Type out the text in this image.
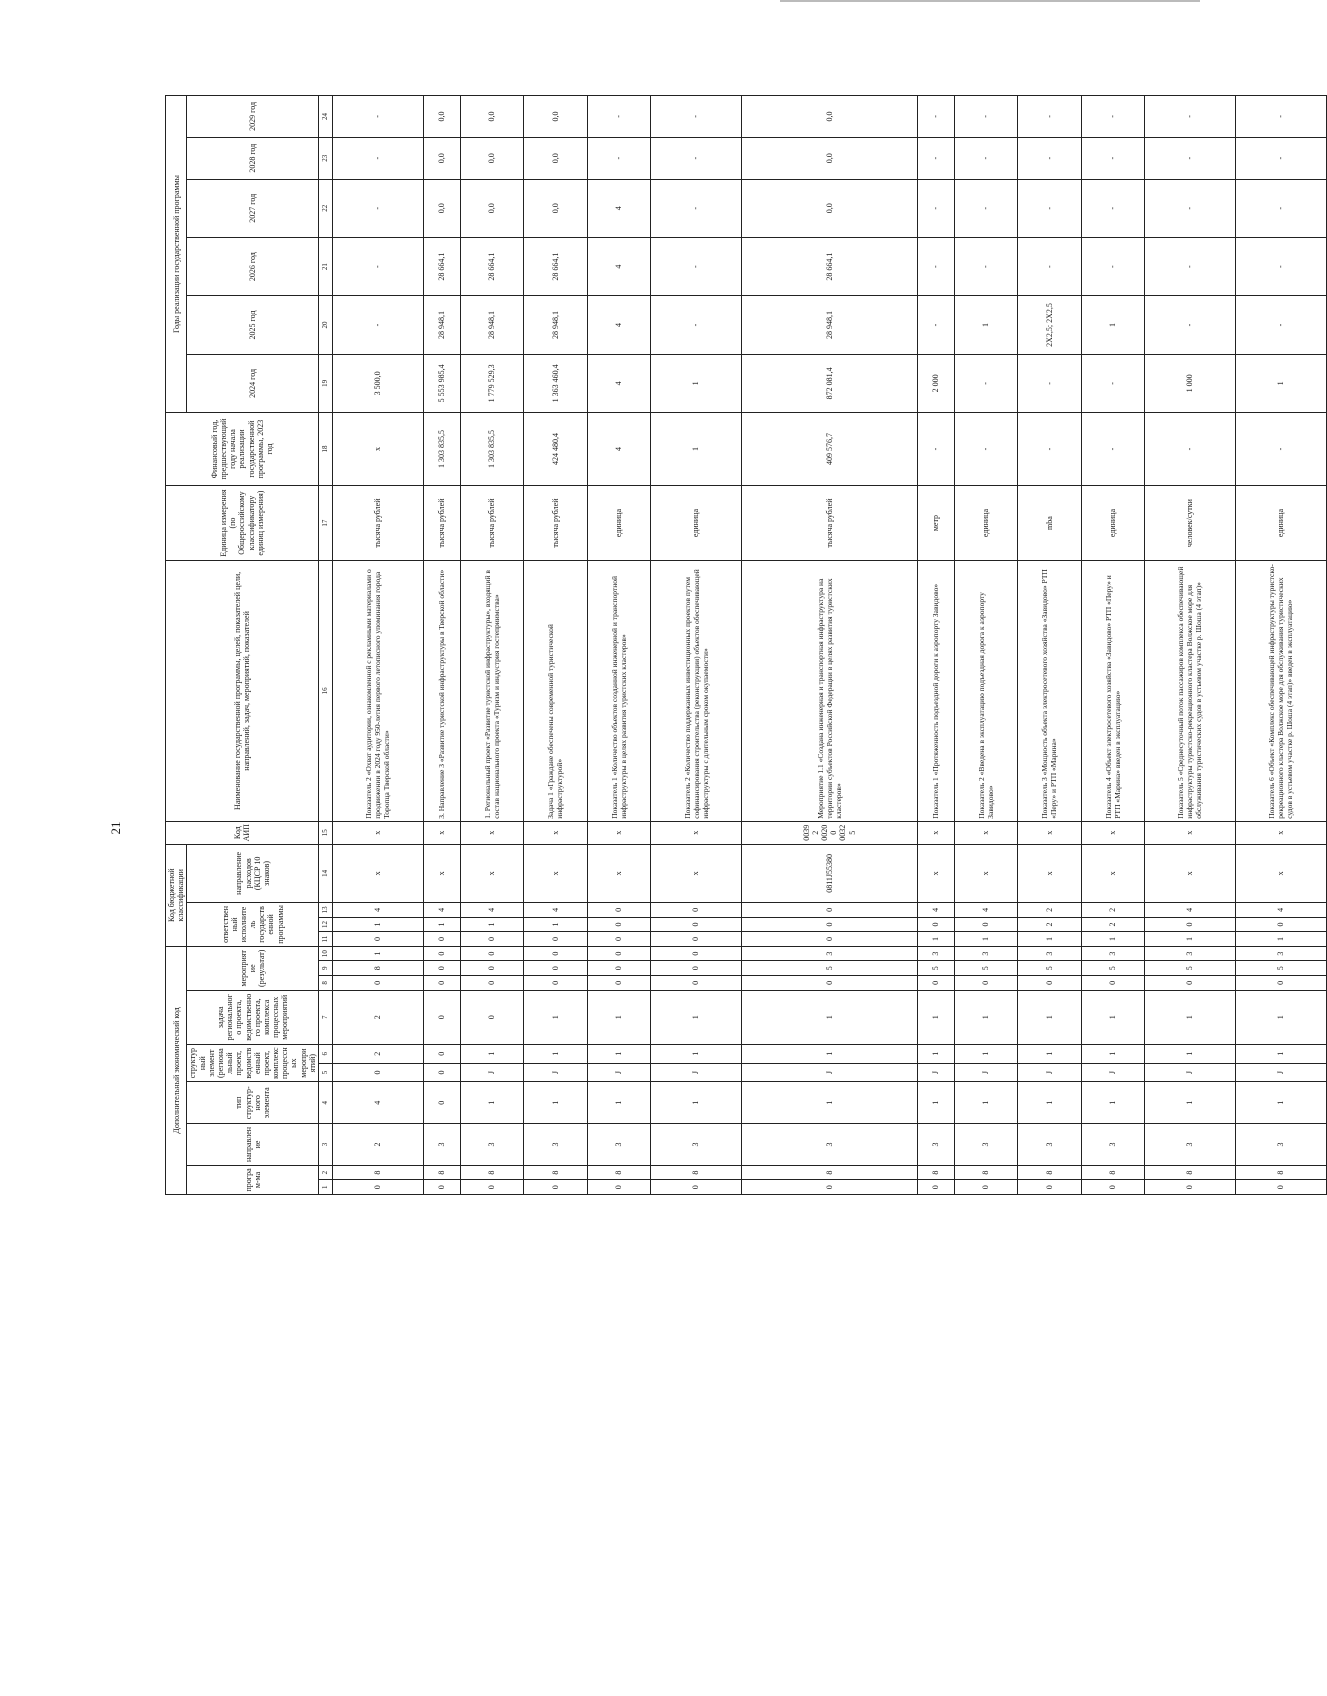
21
Дополнительный экономический код										Код бюджетной классификации				Код АИП	Наименование государственной программы, целей, показателей цели, направлений, задач, мероприятий, показателей	Единица измерения (по Общероссийскому классификатору единиц измерения)	Финансовый год, предшествующий году начала реализации государственной программы, 2023 год	Годы реализации государственной программы					
програм-ма		направление	тип структур-ного элемента	структурный элемент (региональный проект, ведомственный проект, комплекс процессных мероприятий)		задача регионального проекта, ведомственного проекта, комплекса процессных мероприятий	мероприятие (результат)			ответственный исполнитель государственной программы			направление расходов (КЦСР 10 знаков)					2024 год	2025 год	2026 год	2027 год	2028 год	2029 год

1	2	3	4	5	6	7	8	9	10	11	12	13	14	15	16	17	18	19	20	21	22	23	24
0	8	2	4	0	2	2	0	8	1	0	1	4	х	х	Показатель 2 «Охват аудитории, ознакомленной с рекламными материалами о продвижении в 2024 году 950-летия первого летописного упоминания города Торопца Тверской области»	тысяча рублей	х	3 500,0	-	-	-	-	-
0	8	3	0	0	0	0	0	0	0	0	1	4	х	х	3. Направление 3 «Развитие туристской инфраструктуры в Тверской области»	тысяча рублей	1 303 835,5	5 553 985,4	28 948,1	28 664,1	0,0	0,0	0,0
0	8	3	1	J	1	0	0	0	0	0	1	4	х	х	1. Региональный проект «Развитие туристской инфраструктуры», входящий в состав национального проекта «Туризм и индустрия гостеприимства»	тысяча рублей	1 303 835,5	1 779 529,3	28 948,1	28 664,1	0,0	0,0	0,0
0	8	3	1	J	1	1	0	0	0	0	1	4	х	х	Задача 1 «Граждане обеспечены современной туристической инфраструктурой»	тысяча рублей	424 480,4	1 363 460,4	28 948,1	28 664,1	0,0	0,0	0,0
0	8	3	1	J	1	1	0	0	0	0	0	0	х	х	Показатель 1 «Количество объектов созданной инженерной и транспортной инфраструктуры в целях развития туристских кластеров»	единица	4	4	4	4	4	-	-
0	8	3	1	J	1	1	0	0	0	0	0	0	х	х	Показатель 2 «Количество поддержанных инвестиционных проектов путем софинансирования строительства (реконструкции) объектов обеспечивающей инфраструктуры с длительным сроком окупаемости»	единица	1	1	-	-	-	-	-
0	8	3	1	J	1	1	0	5	3	0	0	0	0811J55380	00392 00200 00325	Мероприятие 1.1 «Создана инженерная и транспортная инфраструктура на территории субъектов Российской Федерации в целях развития туристских кластеров»	тысяча рублей	409 576,7	872 081,4	28 948,1	28 664,1	0,0	0,0	0,0
0	8	3	1	J	1	1	0	5	3	1	0	4	х	х	Показатель 1 «Протяженность подъездной дороги к аэропорту Завидово»	метр	-	2 000	-	-	-	-	-
0	8	3	1	J	1	1	0	5	3	1	0	4	х	х	Показатель 2 «Введена в эксплуатацию подъездная дорога к аэропорту Завидово»	единица	-	-	1	-	-	-	-
0	8	3	1	J	1	1	0	5	3	1	2	2	х	х	Показатель 3 «Мощность объекта электросетевого хозяйства «Завидово» РТП «Перу» и РТП «Марина»	mba	-	-	2Х2,5; 2Х2,5	-	-	-	-
0	8	3	1	J	1	1	0	5	3	1	2	2	х	х	Показатель 4 «Объект электросетевого хозяйства «Завидово» РТП «Перу» и РТП «Марина» введен в эксплуатацию»	единица	-	-	1	-	-	-	-
0	8	3	1	J	1	1	0	5	3	1	0	4	х	х	Показатель 5 «Среднесуточный поток пассажиров комплекса обеспечивающей инфраструктуры туристско-рекреационного кластера Волжское море для обслуживания туристических судов в устьевом участке р. Шоша (4 этап)»	человек/сутки	-	1 000	-	-	-	-	-
0	8	3	1	J	1	1	0	5	3	1	0	4	х	х	Показатель 6 «Объект «Комплекс обеспечивающей инфраструктуры туристско-рекреационного кластера Волжское море для обслуживания туристических судов в устьевом участке р. Шоша (4 этап)» введен в эксплуатацию»	единица	-	1	-	-	-	-	-
